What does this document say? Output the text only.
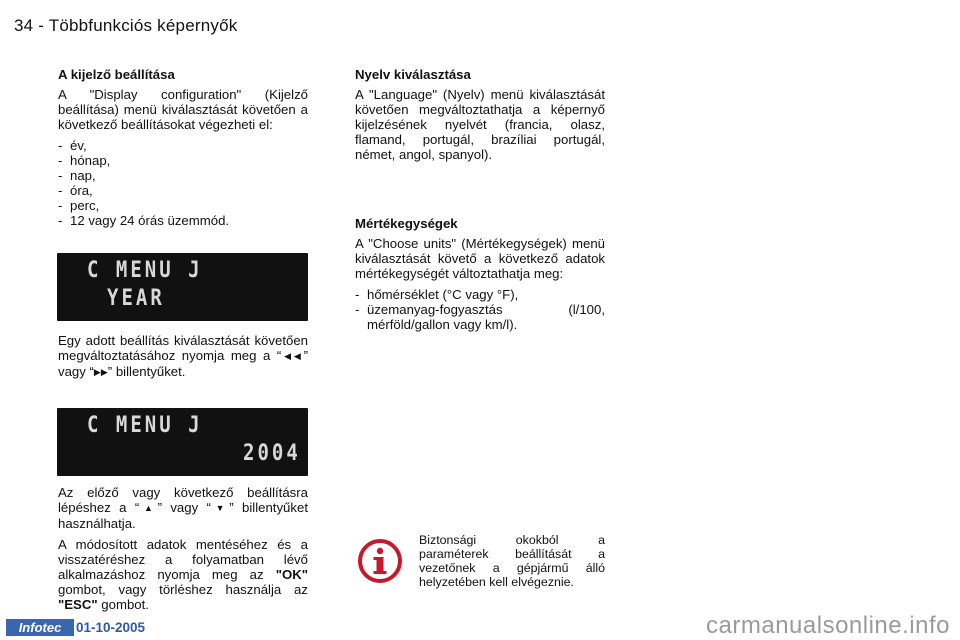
34 - Többfunkciós képernyők
A kijelző beállítása

A "Display configuration" (Kijelző beállítása) menü kiválasztását követően a következő beállításokat végezheti el:

- év,
- hónap,
- nap,
- óra,
- perc,
- 12 vagy 24 órás üzemmód.
C MENU J
YEAR

Egy adott beállítás kiválasztását követően megváltoztatásához nyomja meg a “◀◀” vagy “▶▶” billentyűket.

C MENU J
2004

Az előző vagy következő beállításra lépéshez a “▲” vagy “▼” billentyűket használhatja.

A módosított adatok mentéséhez és a visszatéréshez a folyamatban lévő alkalmazáshoz nyomja meg az "OK" gombot, vagy törléshez használja az "ESC" gombot.

Nyelv kiválasztása

A "Language" (Nyelv) menü kiválasztását követően megváltoztathatja a képernyő kijelzésének nyelvét (francia, olasz, flamand, portugál, brazíliai portugál, német, angol, spanyol).

Mértékegységek

A "Choose units" (Mértékegységek) menü kiválasztását követő a következő adatok mértékegységét változtathatja meg:

- hőmérséklet (°C vagy °F),
- üzemanyag-fogyasztás (l/100, mérföld/gallon vagy km/l).

Biztonsági okokból a paraméterek beállítását a vezetőnek a gépjármű álló helyzetében kell elvégeznie.

Infotec	01-10-2005	carmanualsonline.info
